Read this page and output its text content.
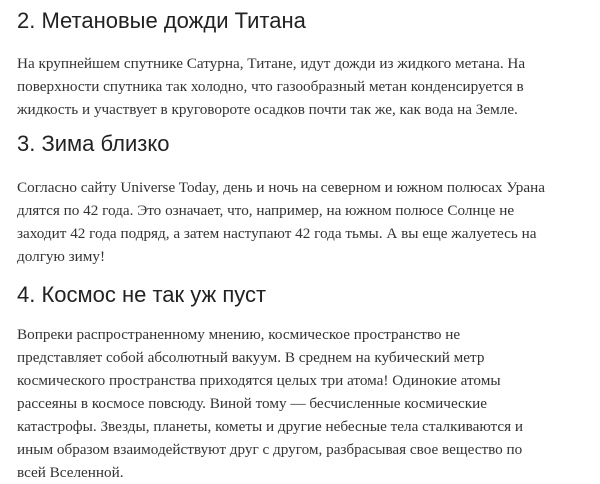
2. Метановые дожди Титана
На крупнейшем спутнике Сатурна, Титане, идут дожди из жидкого метана. На
поверхности спутника так холодно, что газообразный метан конденсируется в
жидкость и участвует в круговороте осадков почти так же, как вода на Земле.
3. Зима близко
Согласно сайту Universe Today, день и ночь на северном и южном полюсах Урана
длятся по 42 года. Это означает, что, например, на южном полюсе Солнце не
заходит 42 года подряд, а затем наступают 42 года тьмы. А вы еще жалуетесь на
долгую зиму!
4. Космос не так уж пуст
Вопреки распространенному мнению, космическое пространство не
представляет собой абсолютный вакуум. В среднем на кубический метр
космического пространства приходятся целых три атома! Одинокие атомы
рассеяны в космосе повсюду. Виной тому — бесчисленные космические
катастрофы. Звезды, планеты, кометы и другие небесные тела сталкиваются и
иным образом взаимодействуют друг с другом, разбрасывая свое вещество по
всей Вселенной.
